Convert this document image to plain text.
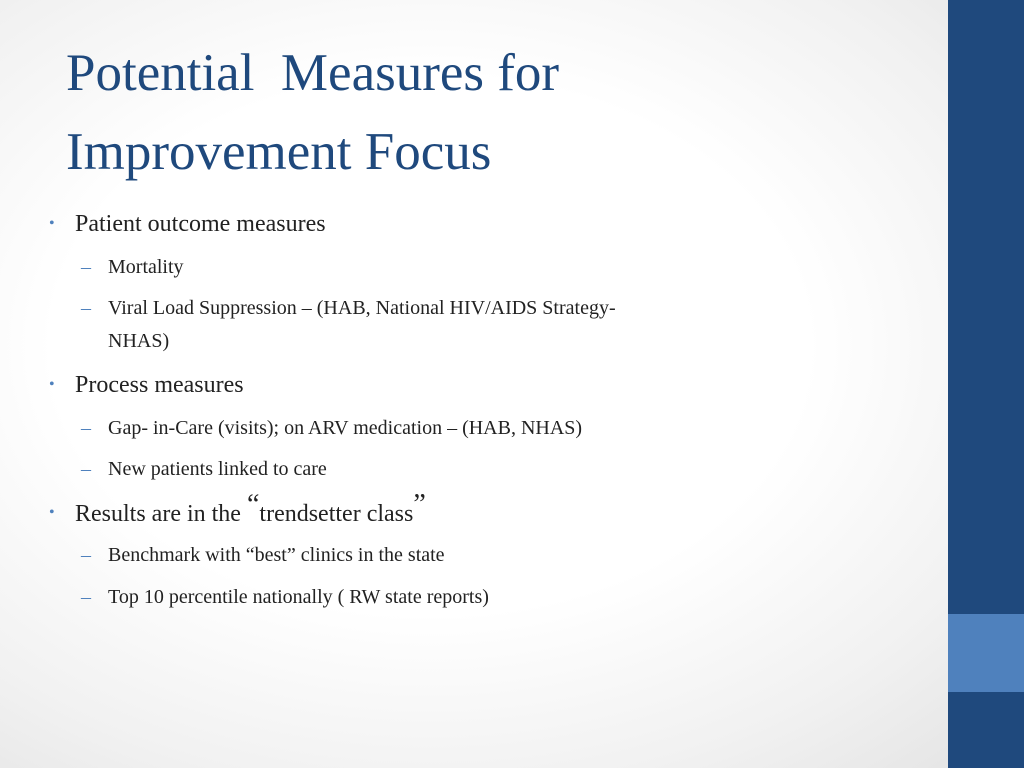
Potential  Measures for
Improvement Focus

• Patient outcome measures

– Mortality

– Viral Load Suppression – (HAB, National HIV/AIDS Strategy-

NHAS)

• Process measures

– Gap- in-Care (visits); on ARV medication – (HAB, NHAS)

– New patients linked to care

• Results are in the “trendsetter class”

– Benchmark with “best” clinics in the state

– Top 10 percentile nationally ( RW state reports)
